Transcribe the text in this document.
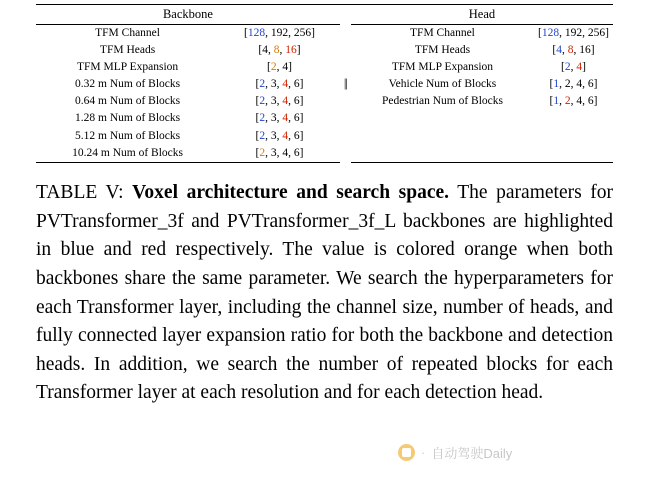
Backbone		||	Head	
TFM Channel	[128, 192, 256]		TFM Channel	[128, 192, 256]
TFM Heads	[4, 8, 16]		TFM Heads	[4, 8, 16]
TFM MLP Expansion	[2, 4]		TFM MLP Expansion	[2, 4]
0.32 m Num of Blocks	[2, 3, 4, 6]		Vehicle Num of Blocks	[1, 2, 4, 6]
0.64 m Num of Blocks	[2, 3, 4, 6]		Pedestrian Num of Blocks	[1, 2, 4, 6]
1.28 m Num of Blocks	[2, 3, 4, 6]			
5.12 m Num of Blocks	[2, 3, 4, 6]			
10.24 m Num of Blocks	[2, 3, 4, 6]			
TABLE V: Voxel architecture and search space. The parameters for PVTransformer_3f and PVTransformer_3f_L backbones are highlighted in blue and red respectively. The value is colored orange when both backbones share the same parameter. We search the hyperparameters for each Transformer layer, including the channel size, number of heads, and fully connected layer expansion ratio for both the backbone and detection heads. In addition, we search the number of repeated blocks for each Transformer layer at each resolution and for each detection head.
· 自动驾驶Daily
